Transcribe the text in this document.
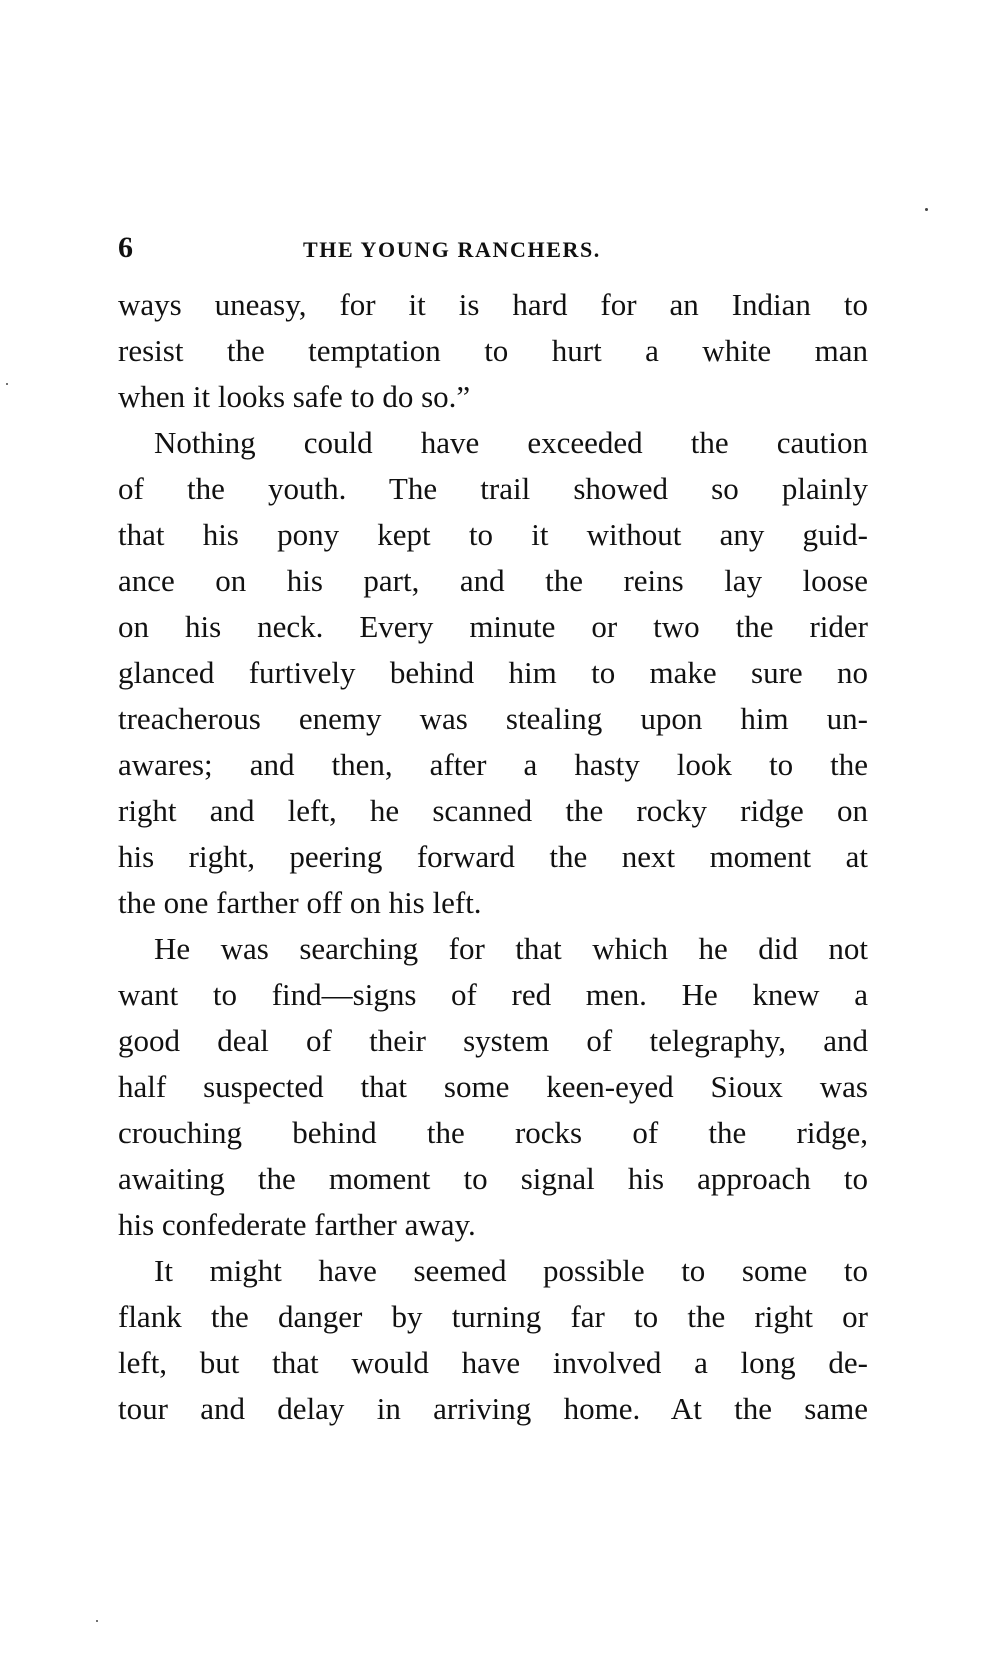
6	THE YOUNG RANCHERS.
ways uneasy, for it is hard for an Indian to
resist the temptation to hurt a white man
when it looks safe to do so.”
Nothing could have exceeded the caution
of the youth. The trail showed so plainly
that his pony kept to it without any guid-
ance on his part, and the reins lay loose
on his neck. Every minute or two the rider
glanced furtively behind him to make sure no
treacherous enemy was stealing upon him un-
awares; and then, after a hasty look to the
right and left, he scanned the rocky ridge on
his right, peering forward the next moment at
the one farther off on his left.
He was searching for that which he did not
want to find—signs of red men. He knew a
good deal of their system of telegraphy, and
half suspected that some keen-eyed Sioux was
crouching behind the rocks of the ridge,
awaiting the moment to signal his approach to
his confederate farther away.
It might have seemed possible to some to
flank the danger by turning far to the right or
left, but that would have involved a long de-
tour and delay in arriving home. At the same
